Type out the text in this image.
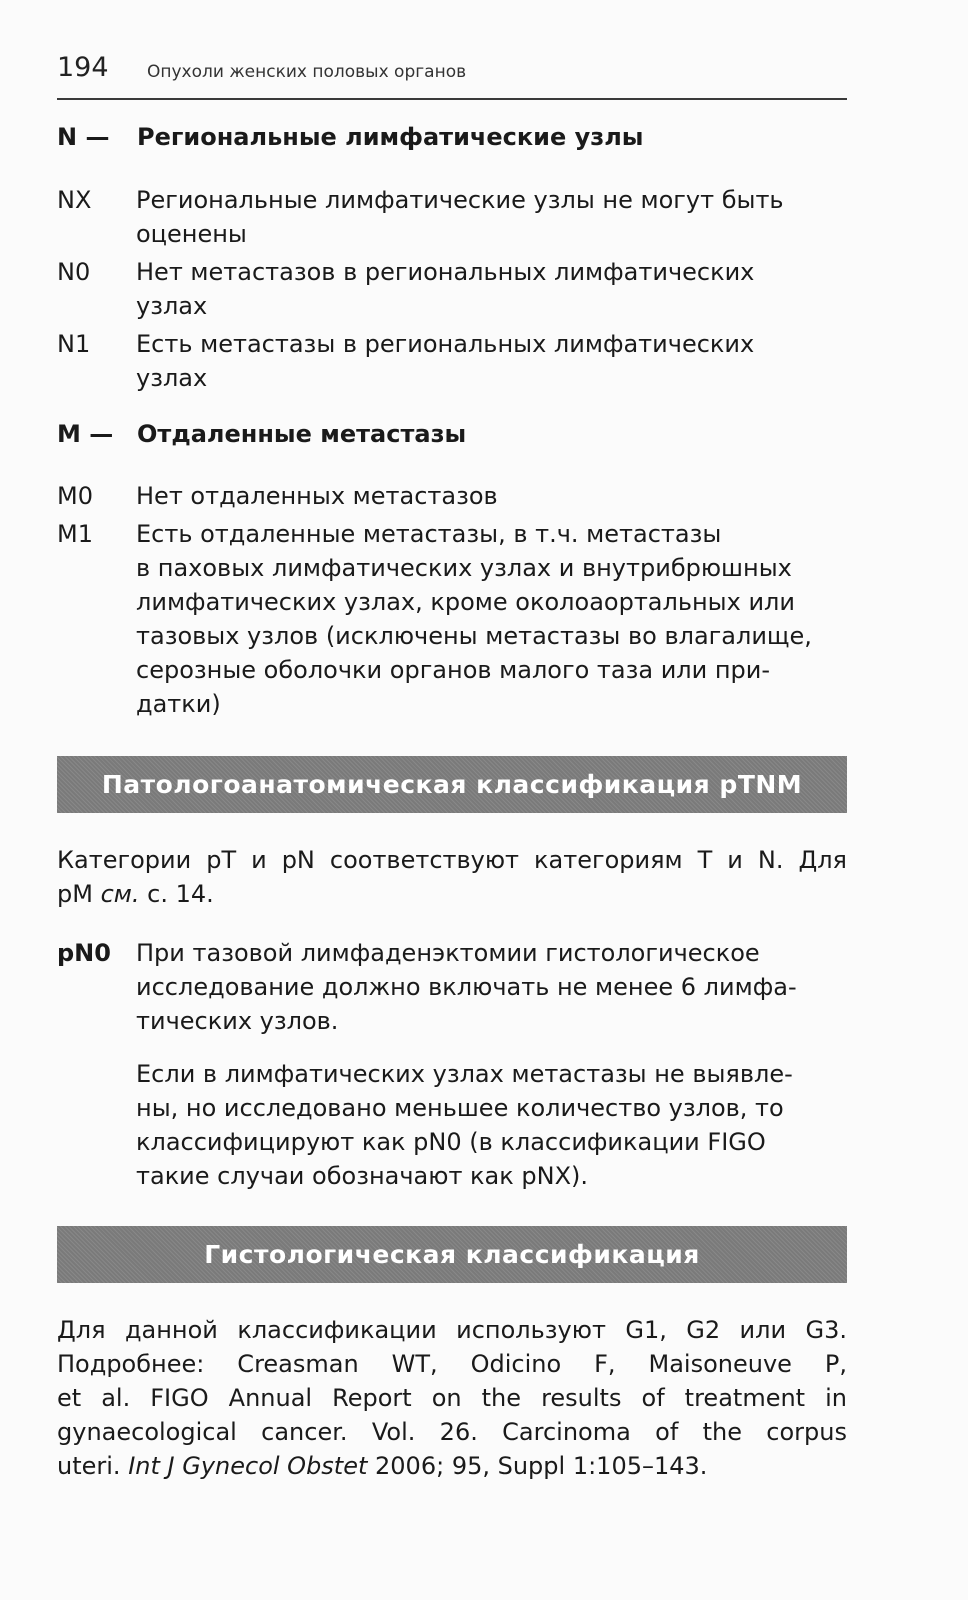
194 Опухоли женских половых органов
N — Региональные лимфатические узлы
NX	Региональные лимфатические узлы не могут быть
оценены
N0	Нет метастазов в региональных лимфатических
узлах
N1	Есть метастазы в региональных лимфатических
узлах
M — Отдаленные метастазы
M0	Нет отдаленных метастазов
M1	Есть отдаленные метастазы, в т.ч. метастазы
в паховых лимфатических узлах и внутрибрюшных
лимфатических узлах, кроме околоаортальных или
тазовых узлов (исключены метастазы во влагалище,
серозные оболочки органов малого таза или при-
датки)
Патологоанатомическая классификация pTNM
Категории pT и pN соответствуют категориям T и N. Для
pM см. с. 14.
pN0	При тазовой лимфаденэктомии гистологическое
исследование должно включать не менее 6 лимфа-
тических узлов.
Если в лимфатических узлах метастазы не выявле-
ны, но исследовано меньшее количество узлов, то
классифицируют как pN0 (в классификации FIGO
такие случаи обозначают как pNX).
Гистологическая классификация
Для данной классификации используют G1, G2 или G3.
Подробнее: Creasman WT, Odicino F, Maisoneuve P,
et al. FIGO Annual Report on the results of treatment in
gynaecological cancer. Vol. 26. Carcinoma of the corpus
uteri. Int J Gynecol Obstet 2006; 95, Suppl 1:105–143.
